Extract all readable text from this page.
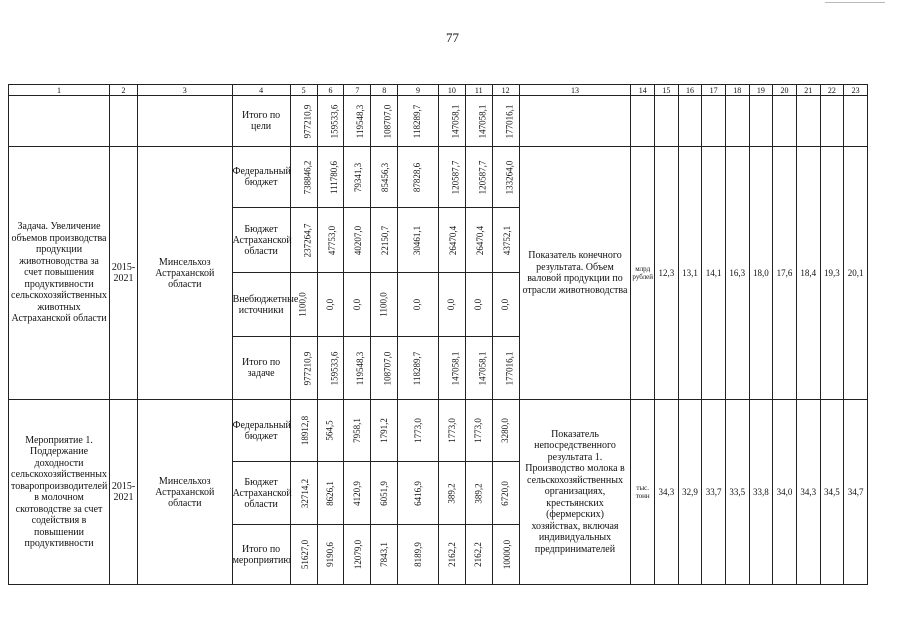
77
1	2	3	4	5	6	7	8	9	10	11	12	13	14	15	16	17	18	19	20	21	22	23
			Итого по цели	977210,9	159533,6	119548,3	108707,0	118289,7	147058,1	147058,1	177016,1											
Задача. Увеличение объемов производства продукции животноводства за счет повышения продуктивности сельскохозяйственных животных Астраханской области	2015-2021	Минсельхоз Астраханской области	Федеральный бюджет	738846,2	111780,6	79341,3	85456,3	87828,6	120587,7	120587,7	133264,0	Показатель конечного результата. Объем валовой продукции по отрасли животноводства	млрд рублей	12,3	13,1	14,1	16,3	18,0	17,6	18,4	19,3	20,1
			Бюджет Астраханской области	237264,7	47753,0	40207,0	22150,7	30461,1	26470,4	26470,4	43752,1											
			Внебюджетные источники	1100,0	0,0	0,0	1100,0	0,0	0,0	0,0	0,0											
			Итого по задаче	977210,9	159533,6	119548,3	108707,0	118289,7	147058,1	147058,1	177016,1											
Мероприятие 1. Поддержание доходности сельскохозяйственных товаропроизводителей в молочном скотоводстве за счет содействия в повышении продуктивности	2015-2021	Минсельхоз Астраханской области	Федеральный бюджет	18912,8	564,5	7958,1	1791,2	1773,0	1773,0	1773,0	3280,0	Показатель непосредственного результата 1. Производство молока в сельскохозяйственных организациях, крестьянских (фермерских) хозяйствах, включая индивидуальных предпринимателей	тыс. тонн	34,3	32,9	33,7	33,5	33,8	34,0	34,3	34,5	34,7
			Бюджет Астраханской области	32714,2	8626,1	4120,9	6051,9	6416,9	389,2	389,2	6720,0											
			Итого по мероприятию	51627,0	9190,6	12079,0	7843,1	8189,9	2162,2	2162,2	10000,0											
